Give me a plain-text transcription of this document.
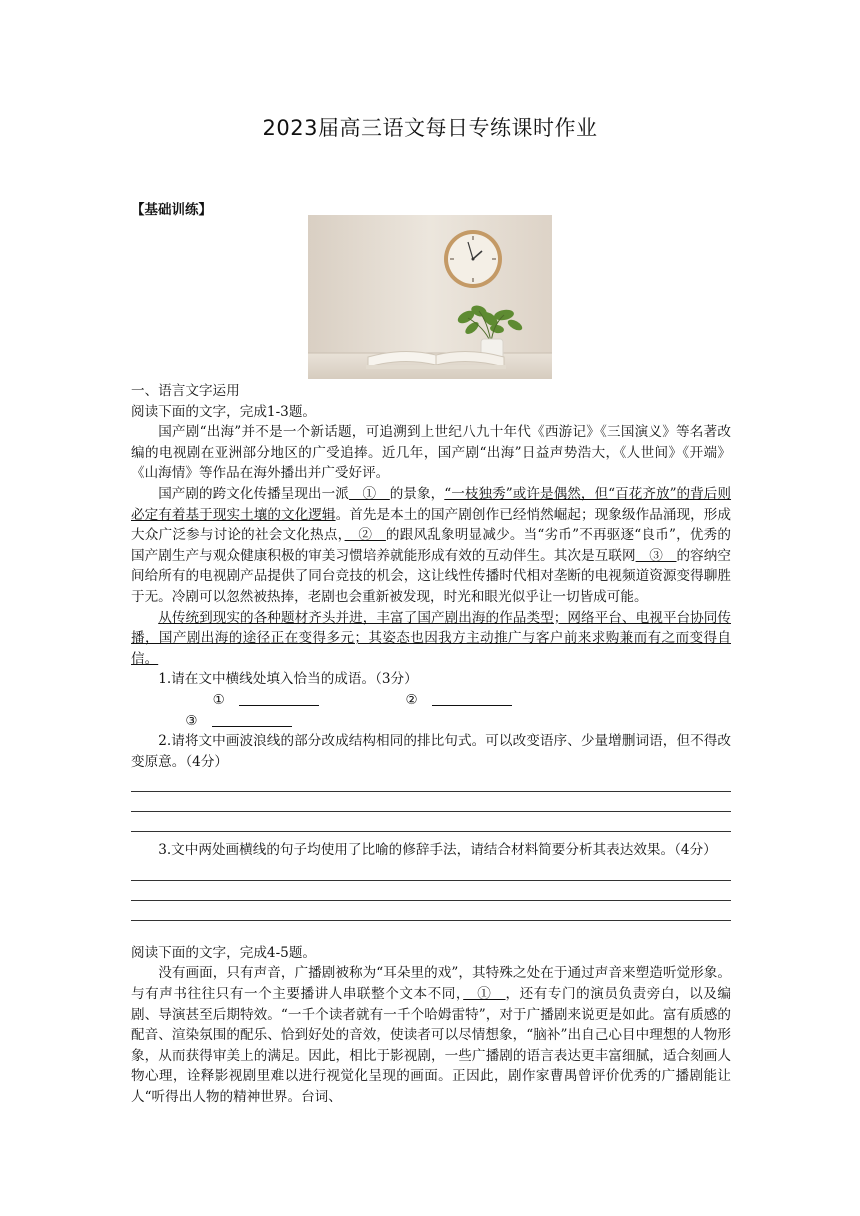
2023届高三语文每日专练课时作业
【基础训练】

一、语言文字运用

阅读下面的文字，完成1-3题。

国产剧“出海”并不是一个新话题，可追溯到上世纪八九十年代《西游记》《三国演义》等名著改编的电视剧在亚洲部分地区的广受追捧。近几年，国产剧“出海”日益声势浩大，《人世间》《开端》《山海情》等作品在海外播出并广受好评。

国产剧的跨文化传播呈现出一派　①　的景象，“一枝独秀”或许是偶然，但“百花齐放”的背后则必定有着基于现实土壤的文化逻辑。首先是本土的国产剧创作已经悄然崛起；现象级作品涌现，形成大众广泛参与讨论的社会文化热点，　②　的跟风乱象明显减少。当“劣币”不再驱逐“良币”，优秀的国产剧生产与观众健康积极的审美习惯培养就能形成有效的互动伴生。其次是互联网　③　的容纳空间给所有的电视剧产品提供了同台竞技的机会，这让线性传播时代相对垄断的电视频道资源变得聊胜于无。冷剧可以忽然被热捧，老剧也会重新被发现，时光和眼光似乎让一切皆成可能。

从传统到现实的各种题材齐头并进，丰富了国产剧出海的作品类型；网络平台、电视平台协同传播，国产剧出海的途径正在变得多元；其姿态也因我方主动推广与客户前来求购兼而有之而变得自信。

1.请在文中横线处填入恰当的成语。（3分）

①	② ③

2.请将文中画波浪线的部分改成结构相同的排比句式。可以改变语序、少量增删词语，但不得改变原意。（4分）

3.文中两处画横线的句子均使用了比喻的修辞手法，请结合材料简要分析其表达效果。（4分）

阅读下面的文字，完成4-5题。

没有画面，只有声音，广播剧被称为“耳朵里的戏”，其特殊之处在于通过声音来塑造听觉形象。与有声书往往只有一个主要播讲人串联整个文本不同，　①　，还有专门的演员负责旁白，以及编剧、导演甚至后期特效。“一千个读者就有一千个哈姆雷特”，对于广播剧来说更是如此。富有质感的配音、渲染氛围的配乐、恰到好处的音效，使读者可以尽情想象，“脑补”出自己心目中理想的人物形象，从而获得审美上的满足。因此，相比于影视剧，一些广播剧的语言表达更丰富细腻，适合刻画人物心理，诠释影视剧里难以进行视觉化呈现的画面。正因此，剧作家曹禺曾评价优秀的广播剧能让人“听得出人物的精神世界。台词、
